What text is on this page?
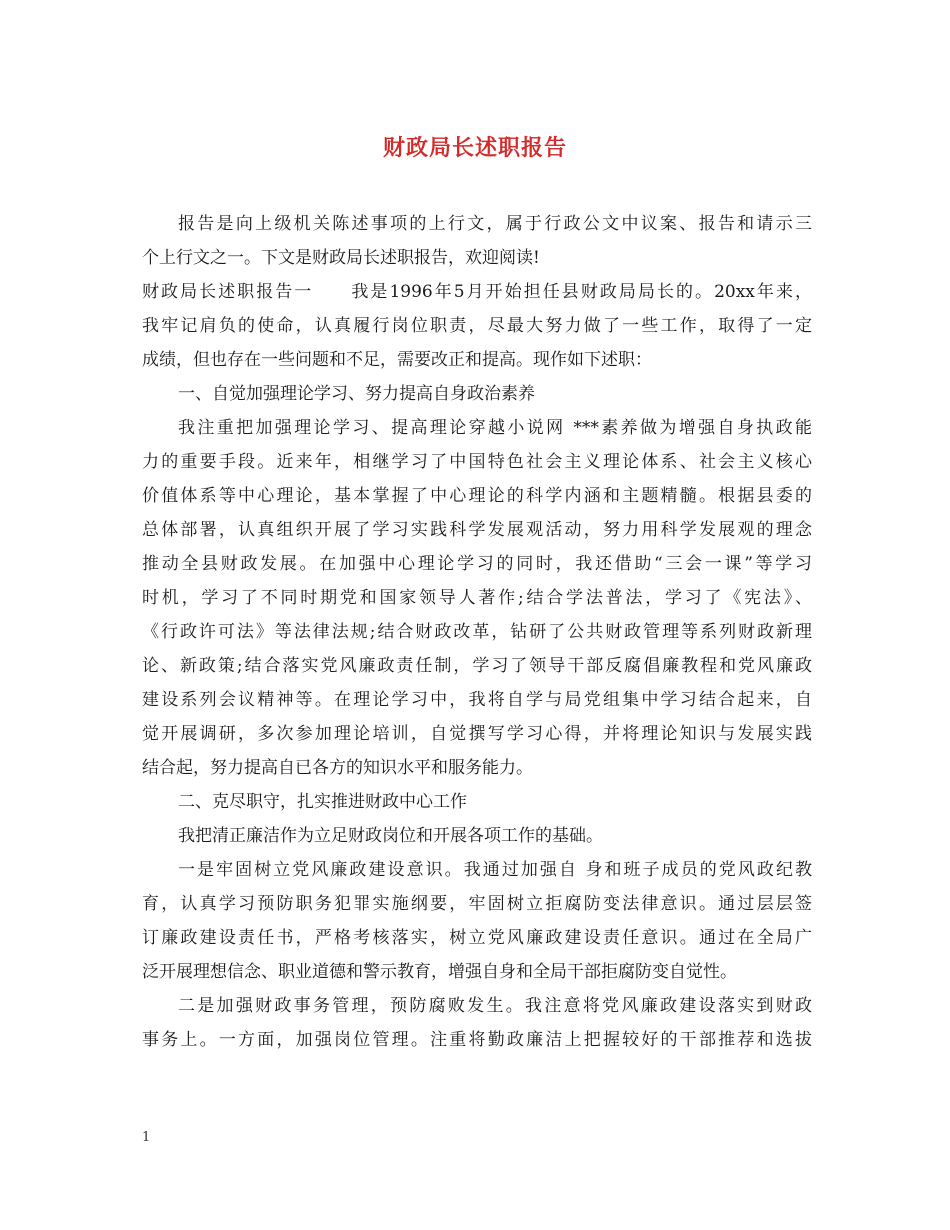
财政局长述职报告
报告是向上级机关陈述事项的上行文，属于行政公文中议案、报告和请示三
个上行文之一。下文是财政局长述职报告，欢迎阅读!
财政局长述职报告一　　我是1996年5月开始担任县财政局局长的。20xx年来，
我牢记肩负的使命，认真履行岗位职责，尽最大努力做了一些工作，取得了一定
成绩，但也存在一些问题和不足，需要改正和提高。现作如下述职：
一、自觉加强理论学习、努力提高自身政治素养
我注重把加强理论学习、提高理论穿越小说网 ***素养做为增强自身执政能
力的重要手段。近来年，相继学习了中国特色社会主义理论体系、社会主义核心
价值体系等中心理论，基本掌握了中心理论的科学内涵和主题精髓。根据县委的
总体部署，认真组织开展了学习实践科学发展观活动，努力用科学发展观的理念
推动全县财政发展。在加强中心理论学习的同时，我还借助“三会一课”等学习
时机，学习了不同时期党和国家领导人著作;结合学法普法，学习了《宪法》、
《行政许可法》等法律法规;结合财政改革，钻研了公共财政管理等系列财政新理
论、新政策;结合落实党风廉政责任制，学习了领导干部反腐倡廉教程和党风廉政
建设系列会议精神等。在理论学习中，我将自学与局党组集中学习结合起来，自
觉开展调研，多次参加理论培训，自觉撰写学习心得，并将理论知识与发展实践
结合起，努力提高自已各方的知识水平和服务能力。
二、克尽职守，扎实推进财政中心工作
我把清正廉洁作为立足财政岗位和开展各项工作的基础。
一是牢固树立党风廉政建设意识。我通过加强自 身和班子成员的党风政纪教
育，认真学习预防职务犯罪实施纲要，牢固树立拒腐防变法律意识。通过层层签
订廉政建设责任书，严格考核落实，树立党风廉政建设责任意识。通过在全局广
泛开展理想信念、职业道德和警示教育，增强自身和全局干部拒腐防变自觉性。
二是加强财政事务管理，预防腐败发生。我注意将党风廉政建设落实到财政
事务上。一方面，加强岗位管理。注重将勤政廉洁上把握较好的干部推荐和选拔
1
